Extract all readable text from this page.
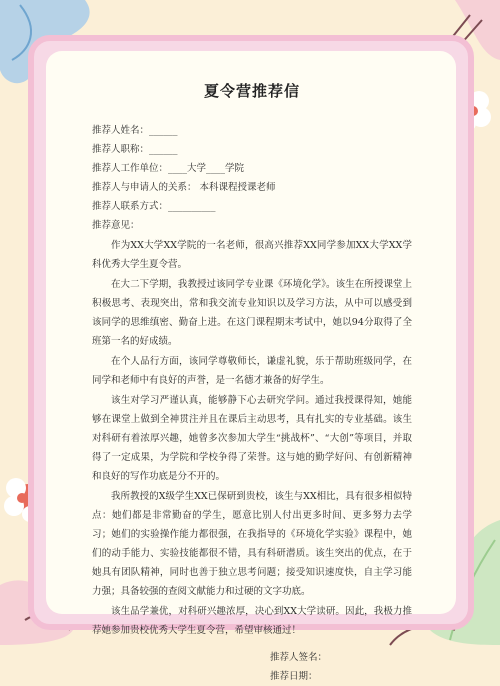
夏令营推荐信
推荐人姓名：______
推荐人职称：______
推荐人工作单位：____大学____学院
推荐人与申请人的关系： 本科课程授课老师
推荐人联系方式：__________
推荐意见：

作为XX大学XX学院的一名老师，很高兴推荐XX同学参加XX大学XX学科优秀大学生夏令营。

在大二下学期，我教授过该同学专业课《环境化学》。该生在所授课堂上积极思考、表现突出，常和我交流专业知识以及学习方法，从中可以感受到该同学的思维缜密、勤奋上进。在这门课程期末考试中，她以94分取得了全班第一名的好成绩。

在个人品行方面，该同学尊敬师长，谦虚礼貌，乐于帮助班级同学，在同学和老师中有良好的声誉，是一名德才兼备的好学生。

该生对学习严谨认真，能够静下心去研究学问。通过我授课得知，她能够在课堂上做到全神贯注并且在课后主动思考，具有扎实的专业基础。该生对科研有着浓厚兴趣，她曾多次参加大学生“挑战杯”、“大创”等项目，并取得了一定成果，为学院和学校争得了荣誉。这与她的勤学好问、有创新精神和良好的写作功底是分不开的。

我所教授的X级学生XX已保研到贵校，该生与XX相比，具有很多相似特点：她们都是非常勤奋的学生，愿意比别人付出更多时间、更多努力去学习；她们的实验操作能力都很强，在我指导的《环境化学实验》课程中，她们的动手能力、实验技能都很不错，具有科研潜质。该生突出的优点，在于她具有团队精神，同时也善于独立思考问题；接受知识速度快，自主学习能力强；具备较强的查阅文献能力和过硬的文字功底。

该生品学兼优，对科研兴趣浓厚，决心到XX大学读研。因此，我极力推荐她参加贵校优秀大学生夏令营，希望审核通过！

推荐人签名：
推荐日期：
